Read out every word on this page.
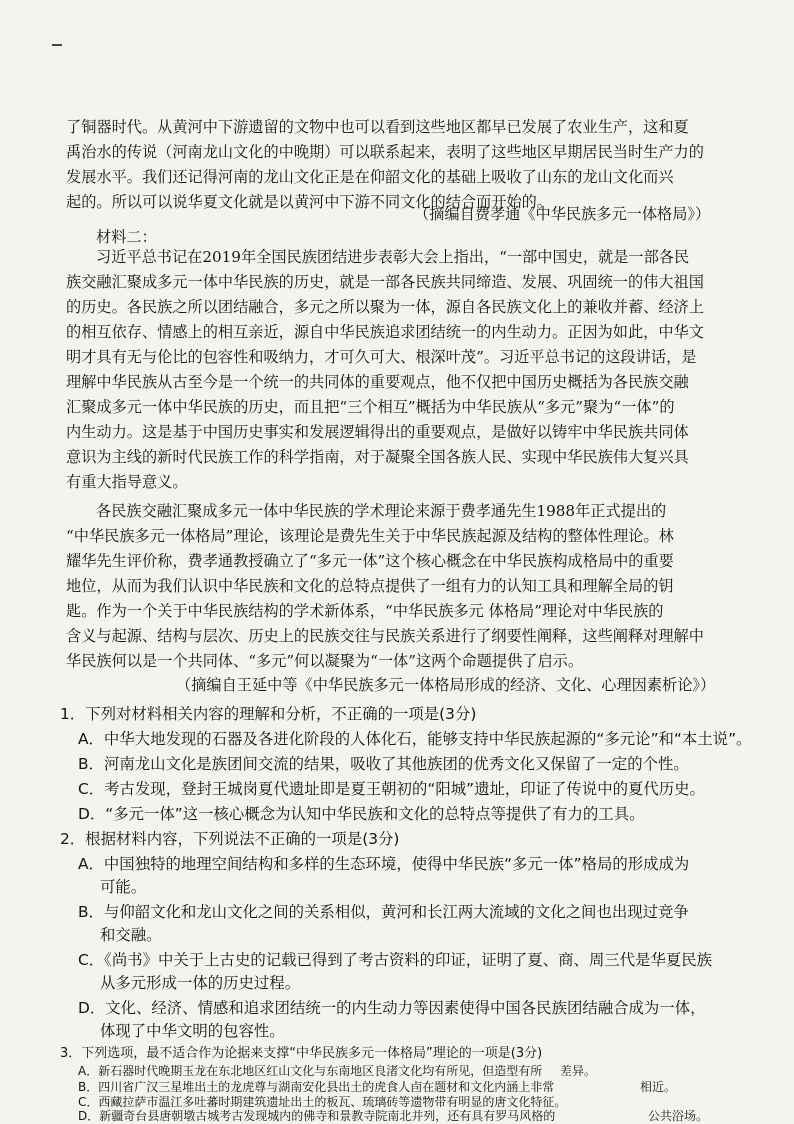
了铜器时代。从黄河中下游遗留的文物中也可以看到这些地区都早已发展了农业生产，这和夏
禹治水的传说（河南龙山文化的中晚期）可以联系起来，表明了这些地区早期居民当时生产力的
发展水平。我们还记得河南的龙山文化正是在仰韶文化的基础上吸收了山东的龙山文化而兴
起的。所以可以说华夏文化就是以黄河中下游不同文化的结合而开始的。
（摘编自费孝通《中华民族多元一体格局》）
材料二：
习近平总书记在2019年全国民族团结进步表彰大会上指出，“一部中国史，就是一部各民
族交融汇聚成多元一体中华民族的历史，就是一部各民族共同缔造、发展、巩固统一的伟大祖国
的历史。各民族之所以团结融合，多元之所以聚为一体，源自各民族文化上的兼收并蓄、经济上
的相互依存、情感上的相互亲近，源自中华民族追求团结统一的内生动力。正因为如此，中华文
明才具有无与伦比的包容性和吸纳力，才可久可大、根深叶茂”。习近平总书记的这段讲话，是
理解中华民族从古至今是一个统一的共同体的重要观点，他不仅把中国历史概括为各民族交融
汇聚成多元一体中华民族的历史，而且把“三个相互”概括为中华民族从“多元”聚为“一体”的
内生动力。这是基于中国历史事实和发展逻辑得出的重要观点，是做好以铸牢中华民族共同体
意识为主线的新时代民族工作的科学指南，对于凝聚全国各族人民、实现中华民族伟大复兴具
有重大指导意义。
各民族交融汇聚成多元一体中华民族的学术理论来源于费孝通先生1988年正式提出的
“中华民族多元一体格局”理论，该理论是费先生关于中华民族起源及结构的整体性理论。林
耀华先生评价称，费孝通教授确立了“多元一体”这个核心概念在中华民族构成格局中的重要
地位，从而为我们认识中华民族和文化的总特点提供了一组有力的认知工具和理解全局的钥
匙。作为一个关于中华民族结构的学术新体系，“中华民族多元 体格局”理论对中华民族的
含义与起源、结构与层次、历史上的民族交往与民族关系进行了纲要性阐释，这些阐释对理解中
华民族何以是一个共同体、“多元”何以凝聚为“一体”这两个命题提供了启示。
（摘编自王延中等《中华民族多元一体格局形成的经济、文化、心理因素析论》）
1．下列对材料相关内容的理解和分析，不正确的一项是(3分)
A．中华大地发现的石器及各进化阶段的人体化石，能够支持中华民族起源的“多元论”和“本土说”。
B．河南龙山文化是族团间交流的结果，吸收了其他族团的优秀文化又保留了一定的个性。
C．考古发现，登封王城岗夏代遗址即是夏王朝初的“阳城”遗址，印证了传说中的夏代历史。
D．“多元一体”这一核心概念为认知中华民族和文化的总特点等提供了有力的工具。
2．根据材料内容，下列说法不正确的一项是(3分)
A．中国独特的地理空间结构和多样的生态环境，使得中华民族“多元一体”格局的形成成为
可能。
B．与仰韶文化和龙山文化之间的关系相似，黄河和长江两大流域的文化之间也出现过竞争
和交融。
C．《尚书》中关于上古史的记载已得到了考古资料的印证，证明了夏、商、周三代是华夏民族
从多元形成一体的历史过程。
D．文化、经济、情感和追求团结统一的内生动力等因素使得中国各民族团结融合成为一体，
体现了中华文明的包容性。
3．下列选项，最不适合作为论据来支撑“中华民族多元一体格局”理论的一项是(3分)
A．新石器时代晚期玉龙在东北地区红山文化与东南地区良渚文化均有所见，但造型有所 差异。
B．四川省广汉三星堆出土的龙虎尊与湖南安化县出土的虎食人卣在题材和文化内涵上非常	相近。
C．西藏拉萨市温江多吐蕃时期建筑遗址出土的板瓦、琉璃砖等遗物带有明显的唐文化特征。
D．新疆奇台县唐朝墩古城考古发现城内的佛寺和景教寺院南北并列，还有具有罗马风格的	公共浴场。
